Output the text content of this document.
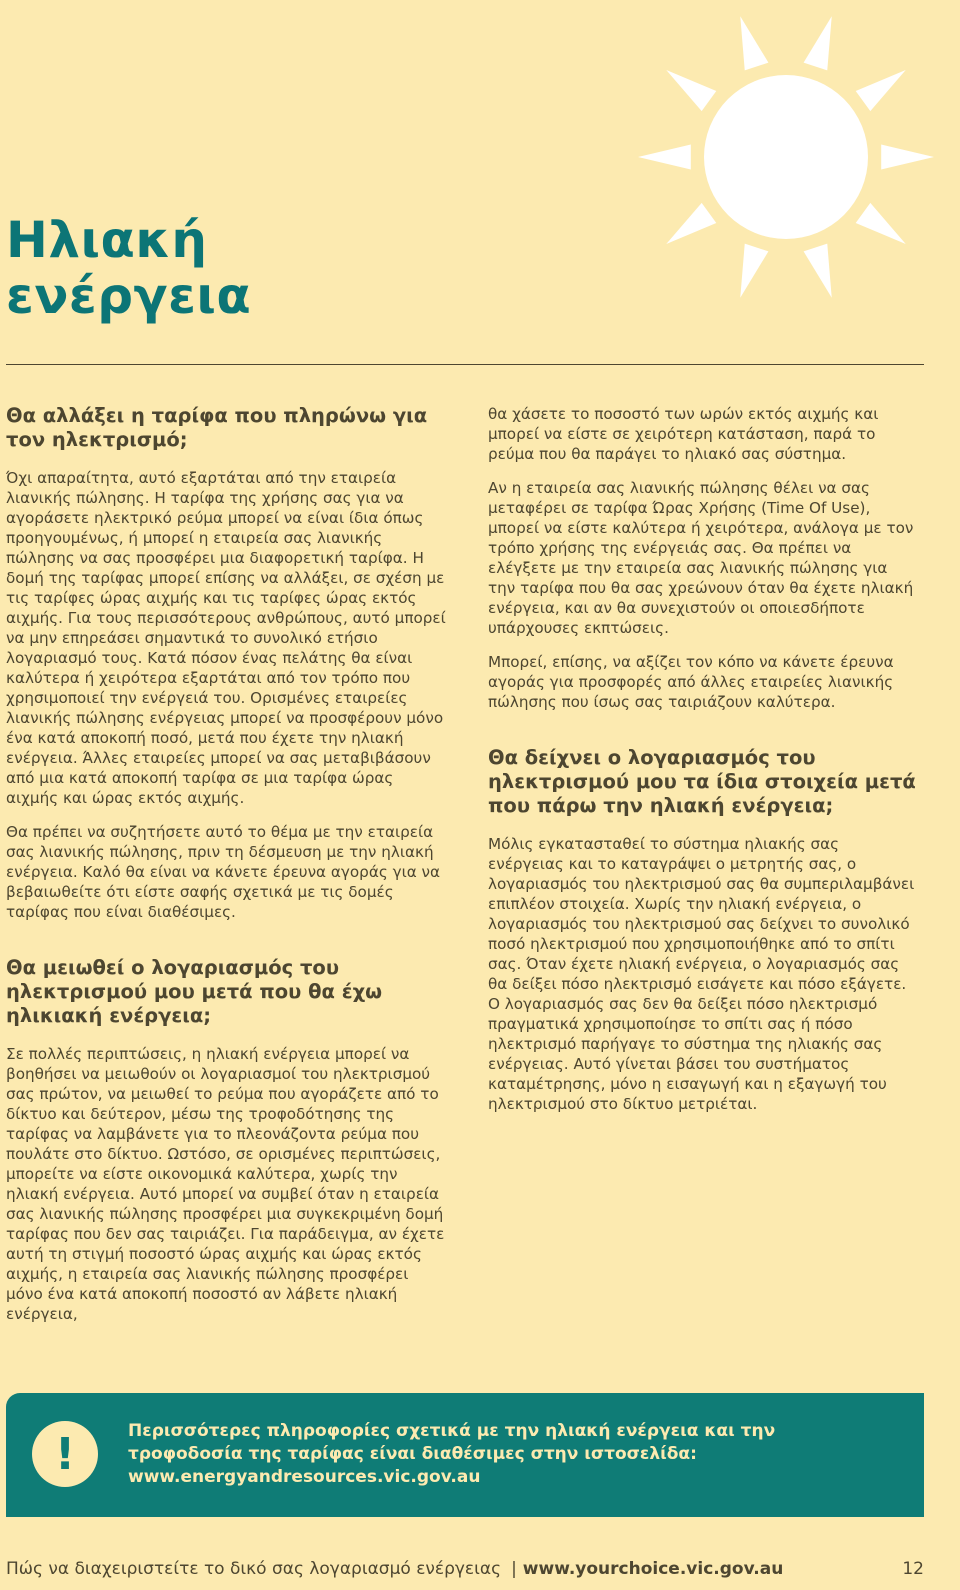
Ηλιακή
ενέργεια
Θα αλλάξει η ταρίφα που πληρώνω για τον ηλεκτρισμό;

Όχι απαραίτητα, αυτό εξαρτάται από την εταιρεία λιανικής πώλησης. Η ταρίφα της χρήσης σας για να αγοράσετε ηλεκτρικό ρεύμα μπορεί να είναι ίδια όπως προηγουμένως, ή μπορεί η εταιρεία σας λιανικής πώλησης να σας προσφέρει μια διαφορετική ταρίφα. Η δομή της ταρίφας μπορεί επίσης να αλλάξει, σε σχέση με τις ταρίφες ώρας αιχμής και τις ταρίφες ώρας εκτός αιχμής. Για τους περισσότερους ανθρώπους, αυτό μπορεί να μην επηρεάσει σημαντικά το συνολικό ετήσιο λογαριασμό τους. Κατά πόσον ένας πελάτης θα είναι καλύτερα ή χειρότερα εξαρτάται από τον τρόπο που χρησιμοποιεί την ενέργειά του. Ορισμένες εταιρείες λιανικής πώλησης ενέργειας μπορεί να προσφέρουν μόνο ένα κατά αποκοπή ποσό, μετά που έχετε την ηλιακή ενέργεια. Άλλες εταιρείες μπορεί να σας μεταβιβάσουν από μια κατά αποκοπή ταρίφα σε μια ταρίφα ώρας αιχμής και ώρας εκτός αιχμής.

Θα πρέπει να συζητήσετε αυτό το θέμα με την εταιρεία σας λιανικής πώλησης, πριν τη δέσμευση με την ηλιακή ενέργεια. Καλό θα είναι να κάνετε έρευνα αγοράς για να βεβαιωθείτε ότι είστε σαφής σχετικά με τις δομές ταρίφας που είναι διαθέσιμες.

Θα μειωθεί ο λογαριασμός του ηλεκτρισμού μου μετά που θα έχω ηλικιακή ενέργεια;

Σε πολλές περιπτώσεις, η ηλιακή ενέργεια μπορεί να βοηθήσει να μειωθούν οι λογαριασμοί του ηλεκτρισμού σας πρώτον, να μειωθεί το ρεύμα που αγοράζετε από το δίκτυο και δεύτερον, μέσω της τροφοδότησης της ταρίφας να λαμβάνετε για το πλεονάζοντα ρεύμα που πουλάτε στο δίκτυο. Ωστόσο, σε ορισμένες περιπτώσεις, μπορείτε να είστε οικονομικά καλύτερα, χωρίς την ηλιακή ενέργεια. Αυτό μπορεί να συμβεί όταν η εταιρεία σας λιανικής πώλησης προσφέρει μια συγκεκριμένη δομή ταρίφας που δεν σας ταιριάζει. Για παράδειγμα, αν έχετε αυτή τη στιγμή ποσοστό ώρας αιχμής και ώρας εκτός αιχμής, η εταιρεία σας λιανικής πώλησης προσφέρει μόνο ένα κατά αποκοπή ποσοστό αν λάβετε ηλιακή ενέργεια,

θα χάσετε το ποσοστό των ωρών εκτός αιχμής και μπορεί να είστε σε χειρότερη κατάσταση, παρά το ρεύμα που θα παράγει το ηλιακό σας σύστημα.

Αν η εταιρεία σας λιανικής πώλησης θέλει να σας μεταφέρει σε ταρίφα Ώρας Χρήσης (Time Of Use), μπορεί να είστε καλύτερα ή χειρότερα, ανάλογα με τον τρόπο χρήσης της ενέργειάς σας. Θα πρέπει να ελέγξετε με την εταιρεία σας λιανικής πώλησης για την ταρίφα που θα σας χρεώνουν όταν θα έχετε ηλιακή ενέργεια, και αν θα συνεχιστούν οι οποιεσδήποτε υπάρχουσες εκπτώσεις.

Μπορεί, επίσης, να αξίζει τον κόπο να κάνετε έρευνα αγοράς για προσφορές από άλλες εταιρείες λιανικής πώλησης που ίσως σας ταιριάζουν καλύτερα.

Θα δείχνει ο λογαριασμός του ηλεκτρισμού μου τα ίδια στοιχεία μετά που πάρω την ηλιακή ενέργεια;

Μόλις εγκατασταθεί το σύστημα ηλιακής σας ενέργειας και το καταγράψει ο μετρητής σας, ο λογαριασμός του ηλεκτρισμού σας θα συμπεριλαμβάνει επιπλέον στοιχεία. Χωρίς την ηλιακή ενέργεια, ο λογαριασμός του ηλεκτρισμού σας δείχνει το συνολικό ποσό ηλεκτρισμού που χρησιμοποιήθηκε από το σπίτι σας. Όταν έχετε ηλιακή ενέργεια, ο λογαριασμός σας θα δείξει πόσο ηλεκτρισμό εισάγετε και πόσο εξάγετε. Ο λογαριασμός σας δεν θα δείξει πόσο ηλεκτρισμό πραγματικά χρησιμοποίησε το σπίτι σας ή πόσο ηλεκτρισμό παρήγαγε το σύστημα της ηλιακής σας ενέργειας. Αυτό γίνεται βάσει του συστήματος καταμέτρησης, μόνο η εισαγωγή και η εξαγωγή του ηλεκτρισμού στο δίκτυο μετριέται.

!	Περισσότερες πληροφορίες σχετικά με την ηλιακή ενέργεια και την τροφοδοσία της ταρίφας είναι διαθέσιμες στην ιστοσελίδα: www.energyandresources.vic.gov.au

Πώς να διαχειριστείτε το δικό σας λογαριασμό ενέργειας | www.yourchoice.vic.gov.au	12
